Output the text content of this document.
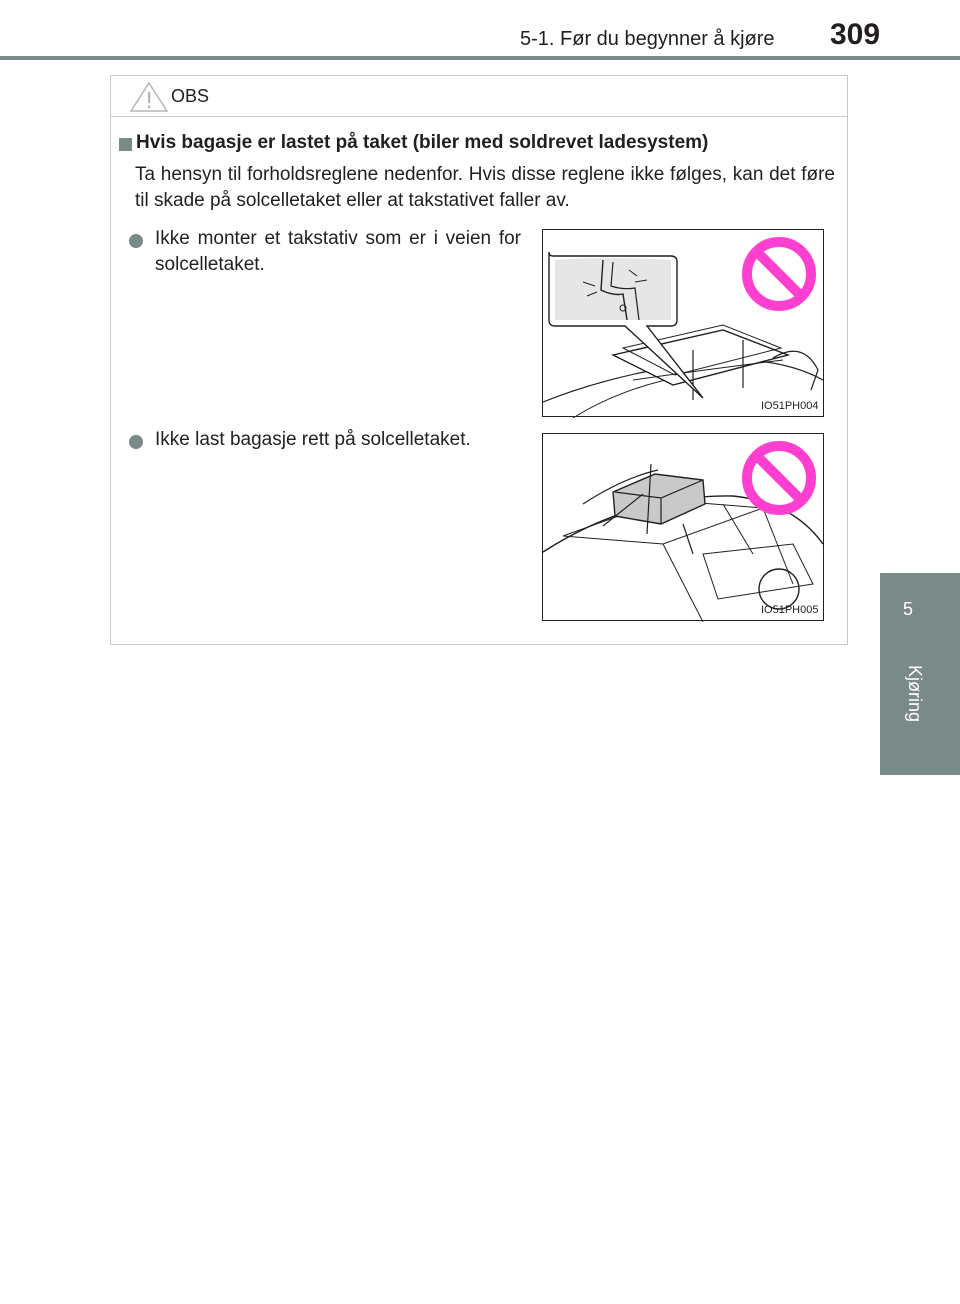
5-1. Før du begynner å kjøre 309
5
Kjøring
OBS
Hvis bagasje er lastet på taket (biler med soldrevet ladesystem)
Ta hensyn til forholdsreglene nedenfor. Hvis disse reglene ikke følges, kan det føre til skade på solcelletaket eller at takstativet faller av.
Ikke monter et takstativ som er i veien for solcelletaket.
Ikke last bagasje rett på solcelletaket.
IO51PH004
IO51PH005
